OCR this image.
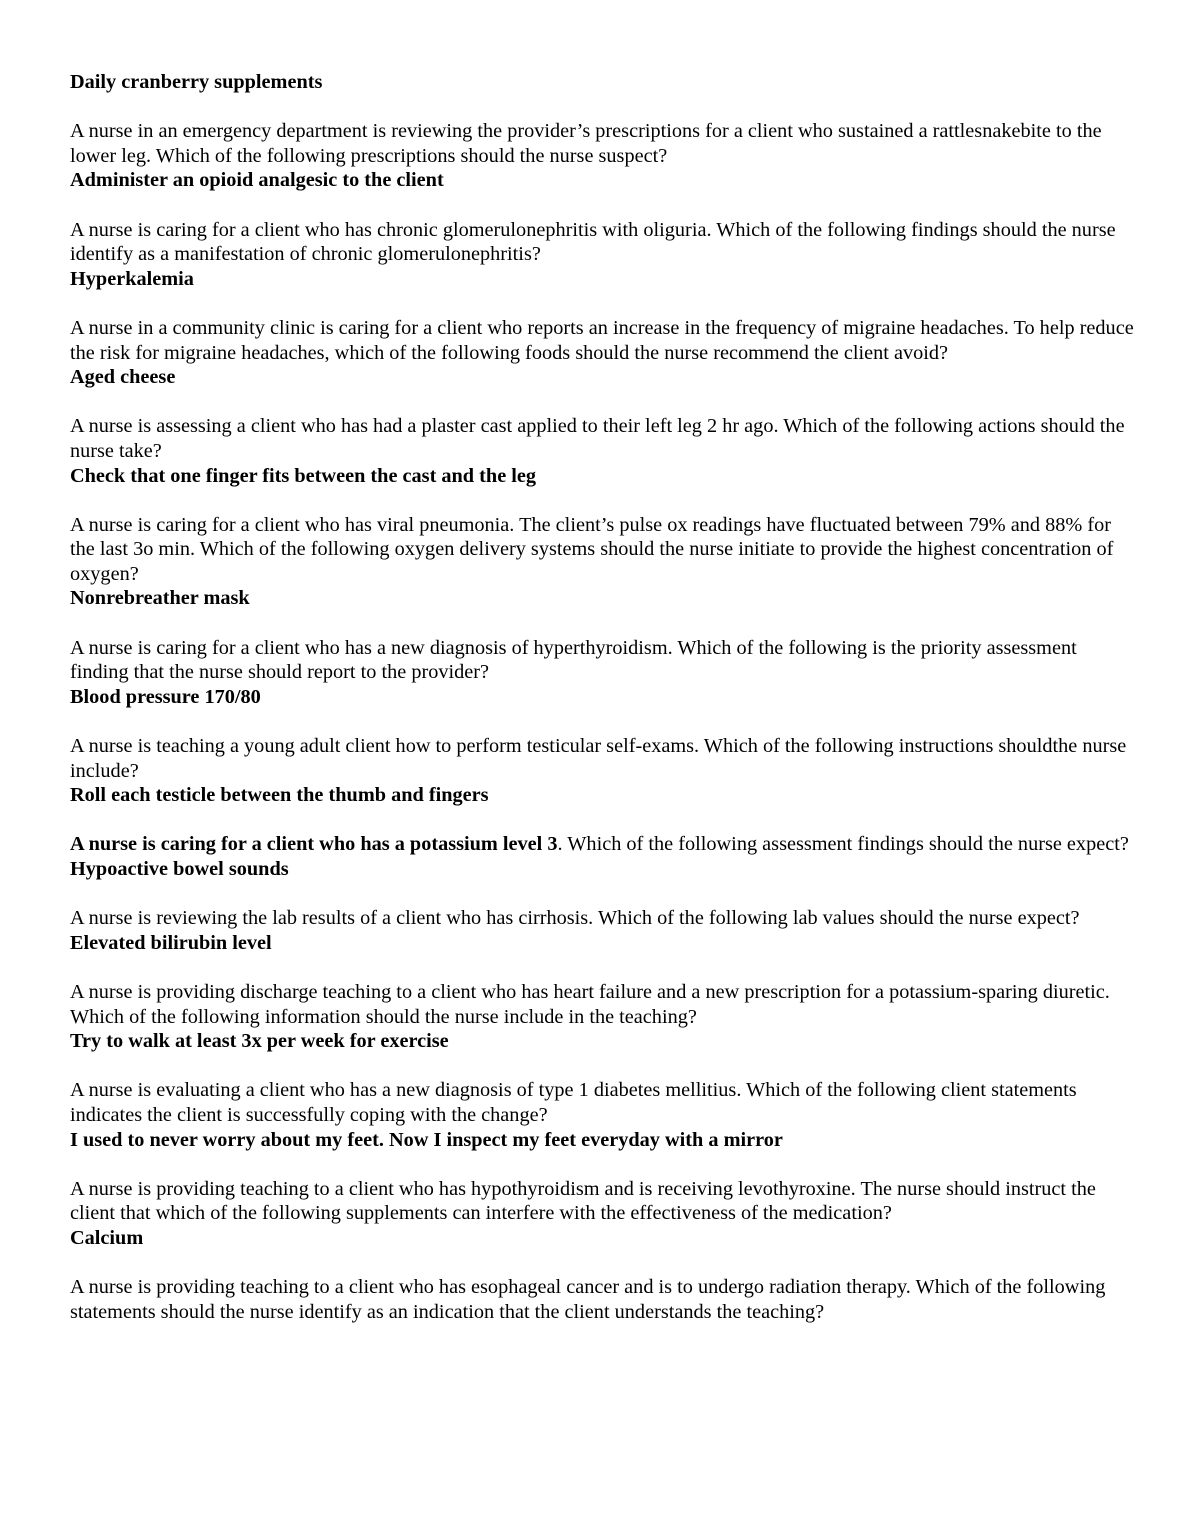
Daily cranberry supplements

A nurse in an emergency department is reviewing the provider’s prescriptions for a client who sustained a rattlesnakebite to the lower leg. Which of the following prescriptions should the nurse suspect?

Administer an opioid analgesic to the client

A nurse is caring for a client who has chronic glomerulonephritis with oliguria. Which of the following findings should the nurse identify as a manifestation of chronic glomerulonephritis?

Hyperkalemia

A nurse in a community clinic is caring for a client who reports an increase in the frequency of migraine headaches. To help reduce the risk for migraine headaches, which of the following foods should the nurse recommend the client avoid?

Aged cheese

A nurse is assessing a client who has had a plaster cast applied to their left leg 2 hr ago. Which of the following actions should the nurse take?

Check that one finger fits between the cast and the leg

A nurse is caring for a client who has viral pneumonia. The client’s pulse ox readings have fluctuated between 79% and 88% for the last 3o min. Which of the following oxygen delivery systems should the nurse initiate to provide the highest concentration of oxygen?

Nonrebreather mask

A nurse is caring for a client who has a new diagnosis of hyperthyroidism. Which of the following is the priority assessment finding that the nurse should report to the provider?

Blood pressure 170/80

A nurse is teaching a young adult client how to perform testicular self-exams. Which of the following instructions shouldthe nurse include?

Roll each testicle between the thumb and fingers

A nurse is caring for a client who has a potassium level 3. Which of the following assessment findings should the nurse expect?

Hypoactive bowel sounds

A nurse is reviewing the lab results of a client who has cirrhosis. Which of the following lab values should the nurse expect?

Elevated bilirubin level

A nurse is providing discharge teaching to a client who has heart failure and a new prescription for a potassium-sparing diuretic. Which of the following information should the nurse include in the teaching?

Try to walk at least 3x per week for exercise

A nurse is evaluating a client who has a new diagnosis of type 1 diabetes mellitius. Which of the following client statements indicates the client is successfully coping with the change?

I used to never worry about my feet. Now I inspect my feet everyday with a mirror

A nurse is providing teaching to a client who has hypothyroidism and is receiving levothyroxine. The nurse should instruct the client that which of the following supplements can interfere with the effectiveness of the medication?

Calcium

A nurse is providing teaching to a client who has esophageal cancer and is to undergo radiation therapy. Which of the following statements should the nurse identify as an indication that the client understands the teaching?
